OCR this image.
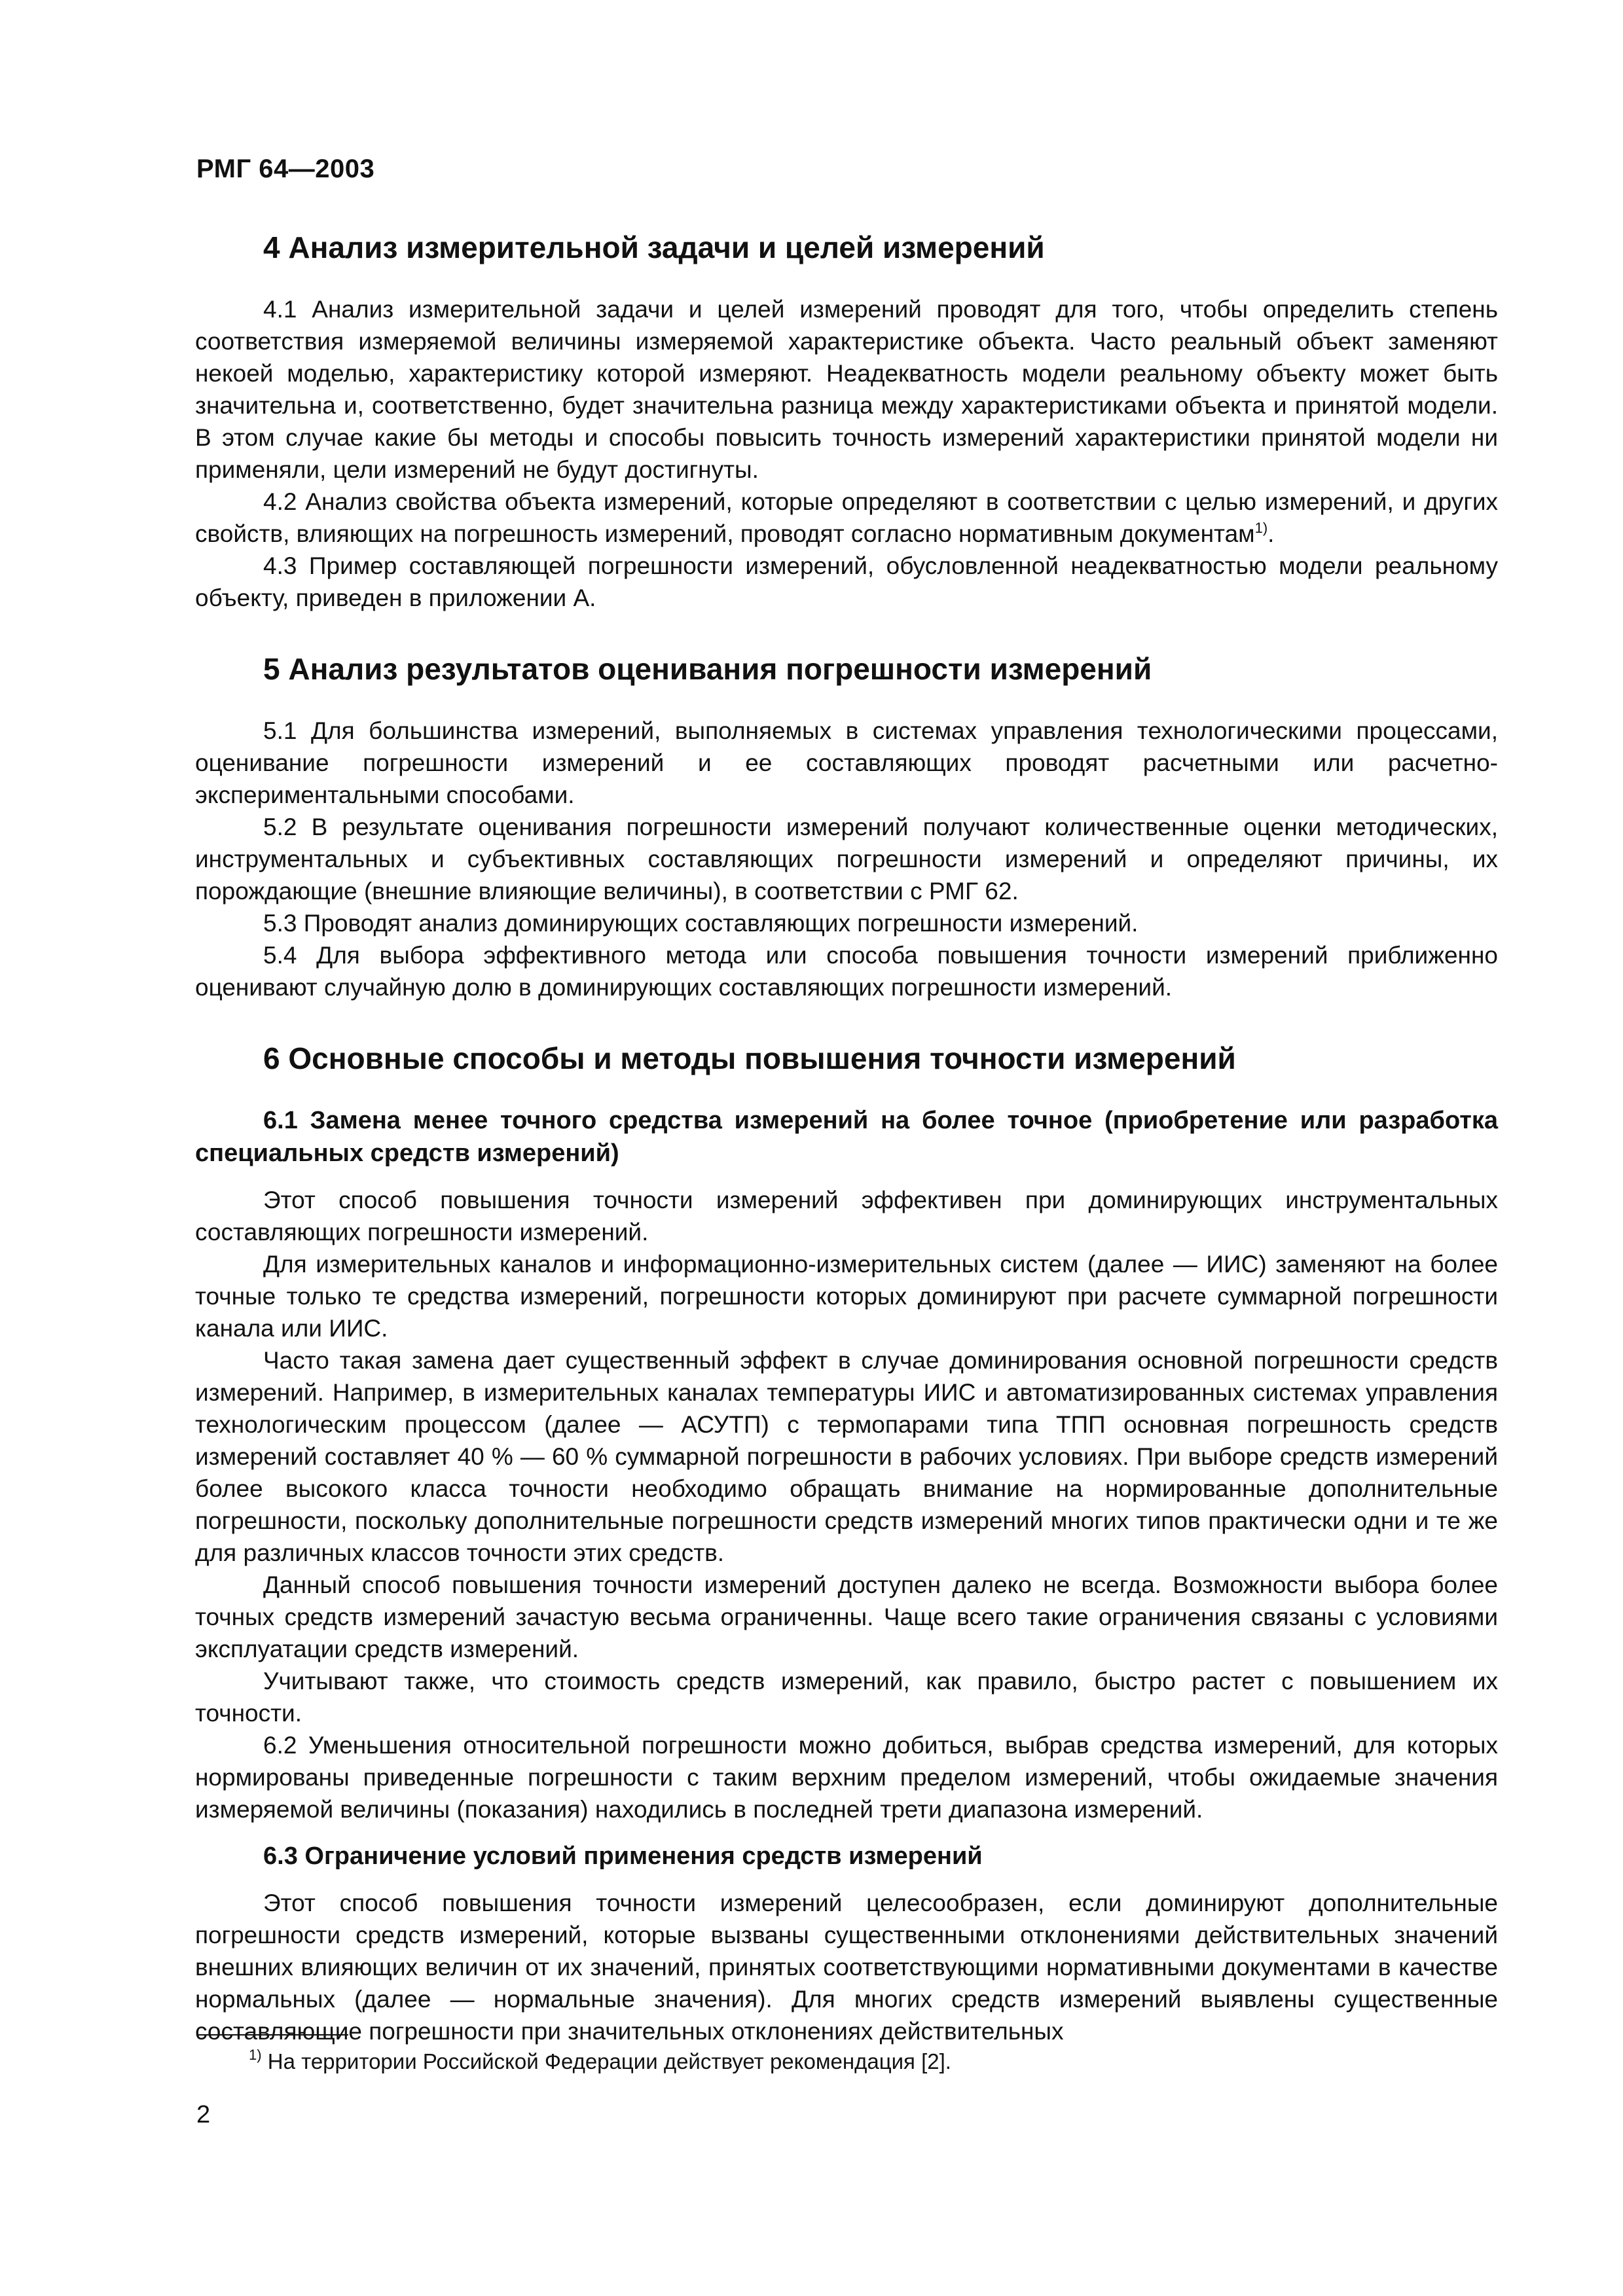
РМГ 64—2003
4 Анализ измерительной задачи и целей измерений

4.1 Анализ измерительной задачи и целей измерений проводят для того, чтобы определить степень соответствия измеряемой величины измеряемой характеристике объекта. Часто реальный объект заменяют некоей моделью, характеристику которой измеряют. Неадекватность модели реальному объекту может быть значительна и, соответственно, будет значительна разница между характеристиками объекта и принятой модели. В этом случае какие бы методы и способы повысить точность измерений характеристики принятой модели ни применяли, цели измерений не будут достигнуты.

4.2 Анализ свойства объекта измерений, которые определяют в соответствии с целью измерений, и других свойств, влияющих на погрешность измерений, проводят согласно нормативным документам$^{1)}$.

4.3 Пример составляющей погрешности измерений, обусловленной неадекватностью модели реальному объекту, приведен в приложении А.

5 Анализ результатов оценивания погрешности измерений

5.1 Для большинства измерений, выполняемых в системах управления технологическими процессами, оценивание погрешности измерений и ее составляющих проводят расчетными или расчетно-экспериментальными способами.

5.2 В результате оценивания погрешности измерений получают количественные оценки методических, инструментальных и субъективных составляющих погрешности измерений и определяют причины, их порождающие (внешние влияющие величины), в соответствии с РМГ 62.

5.3 Проводят анализ доминирующих составляющих погрешности измерений.

5.4 Для выбора эффективного метода или способа повышения точности измерений приближенно оценивают случайную долю в доминирующих составляющих погрешности измерений.

6 Основные способы и методы повышения точности измерений
6.1 Замена менее точного средства измерений на более точное (приобретение или разработка специальных средств измерений)

Этот способ повышения точности измерений эффективен при доминирующих инструментальных составляющих погрешности измерений.

Для измерительных каналов и информационно-измерительных систем (далее — ИИС) заменяют на более точные только те средства измерений, погрешности которых доминируют при расчете суммарной погрешности канала или ИИС.

Часто такая замена дает существенный эффект в случае доминирования основной погрешности средств измерений. Например, в измерительных каналах температуры ИИС и автоматизированных системах управления технологическим процессом (далее — АСУТП) с термопарами типа ТПП основная погрешность средств измерений составляет 40 % — 60 % суммарной погрешности в рабочих условиях. При выборе средств измерений более высокого класса точности необходимо обращать внимание на нормированные дополнительные погрешности, поскольку дополнительные погрешности средств измерений многих типов практически одни и те же для различных классов точности этих средств.

Данный способ повышения точности измерений доступен далеко не всегда. Возможности выбора более точных средств измерений зачастую весьма ограниченны. Чаще всего такие ограничения связаны с условиями эксплуатации средств измерений.

Учитывают также, что стоимость средств измерений, как правило, быстро растет с повышением их точности.

6.2 Уменьшения относительной погрешности можно добиться, выбрав средства измерений, для которых нормированы приведенные погрешности с таким верхним пределом измерений, чтобы ожидаемые значения измеряемой величины (показания) находились в последней трети диапазона измерений.

6.3 Ограничение условий применения средств измерений

Этот способ повышения точности измерений целесообразен, если доминируют дополнительные погрешности средств измерений, которые вызваны существенными отклонениями действительных значений внешних влияющих величин от их значений, принятых соответствующими нормативными документами в качестве нормальных (далее — нормальные значения). Для многих средств измерений выявлены существенные составляющие погрешности при значительных отклонениях действительных

$^{1)}$ На территории Российской Федерации действует рекомендация [2].
2
